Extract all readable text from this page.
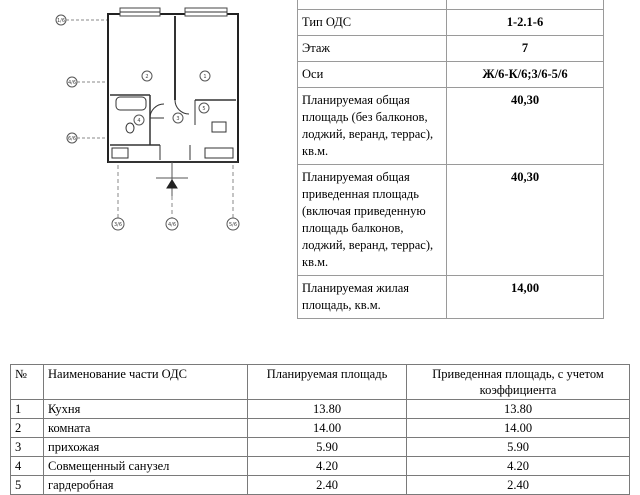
1/6
4/6
6/6
3/6	4/6	5/6
1
2
3
4
5

Тип ОДС	1-2.1-6
Этаж	7
Оси	Ж/6-К/6;3/6-5/6
Планируемая общая площадь (без балконов, лоджий, веранд, террас), кв.м.	40,30
Планируемая общая приведенная площадь (включая приведенную площадь балконов, лоджий, веранд, террас), кв.м.	40,30
Планируемая жилая площадь, кв.м.	14,00
№	Наименование части ОДС	Планируемая площадь	Приведенная площадь, с учетом коэффициента
1	Кухня	13.80	13.80
2	комната	14.00	14.00
3	прихожая	5.90	5.90
4	Совмещенный санузел	4.20	4.20
5	гардеробная	2.40	2.40
